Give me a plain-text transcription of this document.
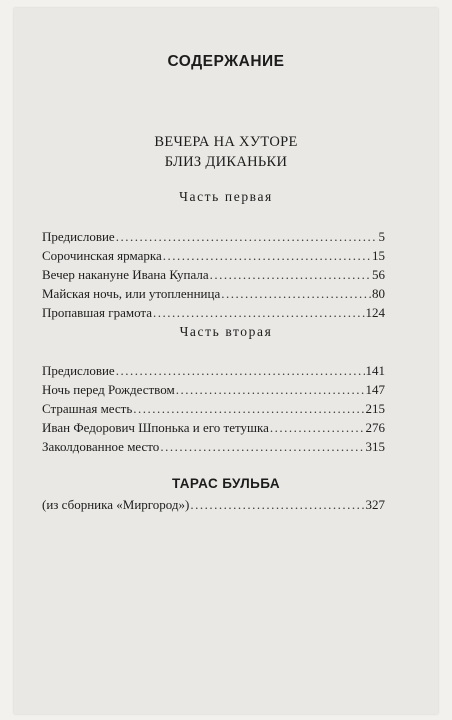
СОДЕРЖАНИЕ
ВЕЧЕРА НА ХУТОРЕ
БЛИЗ ДИКАНЬКИ
Часть первая
Предисловие .....	5
Сорочинская ярмарка .....	15
Вечер накануне Ивана Купала .....	56
Майская ночь, или утопленница .....	80
Пропавшая грамота .....	124
Часть вторая
Предисловие .....	141
Ночь перед Рождеством .....	147
Страшная месть .....	215
Иван Федорович Шпонька и его тетушка .....	276
Заколдованное место .....	315
ТАРАС БУЛЬБА
(из сборника «Миргород») .....	327
